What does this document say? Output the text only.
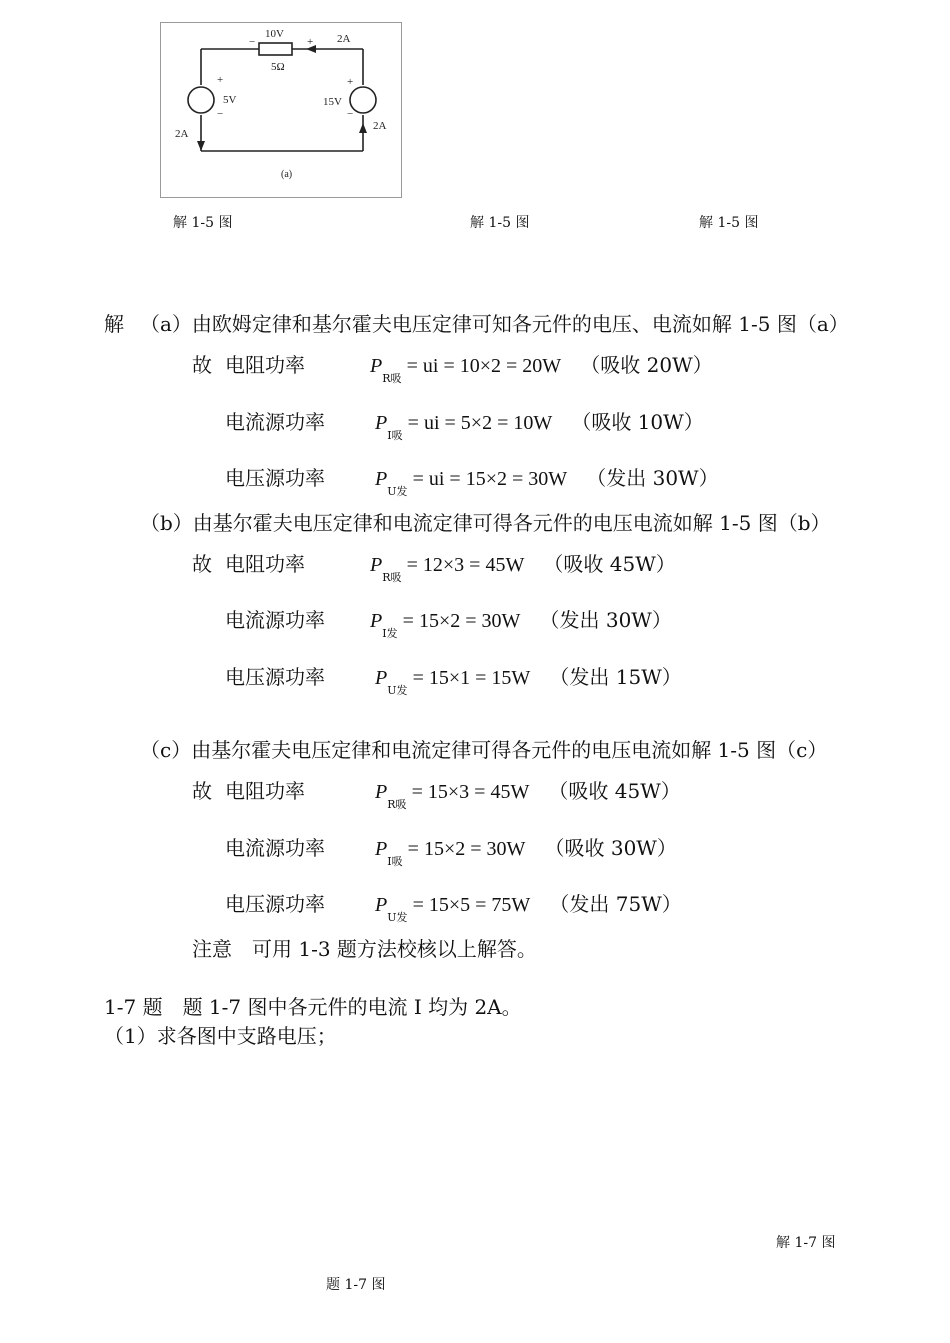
10V
−	+ 2A
5Ω
+
5V
−
2A
+
15V
−
2A
(a)
解 1-5 图	解 1-5 图	解 1-5 图
解 （a）由欧姆定律和基尔霍夫电压定律可知各元件的电压、电流如解 1-5 图（a）
故 电阻功率	$P_{R吸}$ = ui = 10×2 = 20W （吸收 20W）
电流源功率	$P_{I吸}$ = ui = 5×2 = 10W （吸收 10W）
电压源功率	$P_{U发}$ = ui = 15×2 = 30W （发出 30W）
（b）由基尔霍夫电压定律和电流定律可得各元件的电压电流如解 1-5 图（b）
故 电阻功率	$P_{R吸} = 12\times 3 = 45W$ （吸收 45W）
电流源功率 $P_{I发} = 15\times 2 = 30W$ （发出 30W）
电压源功率	$P_{U发} = 15\times 1 = 15W$ （发出 15W）
（c）由基尔霍夫电压定律和电流定律可得各元件的电压电流如解 1-5 图（c）
故 电阻功率	$P_{R吸} = 15\times 3 = 45W$ （吸收 45W）
电流源功率	$P_{I吸} = 15\times 2 = 30W$ （吸收 30W）
电压源功率	$P_{U发} = 15\times 5 = 75W$ （发出 75W）
注意　可用 1-3 题方法校核以上解答。
1-7 题　题 1-7 图中各元件的电流 I 均为 2A。
（1）求各图中支路电压；
解 1-7 图
题 1-7 图
